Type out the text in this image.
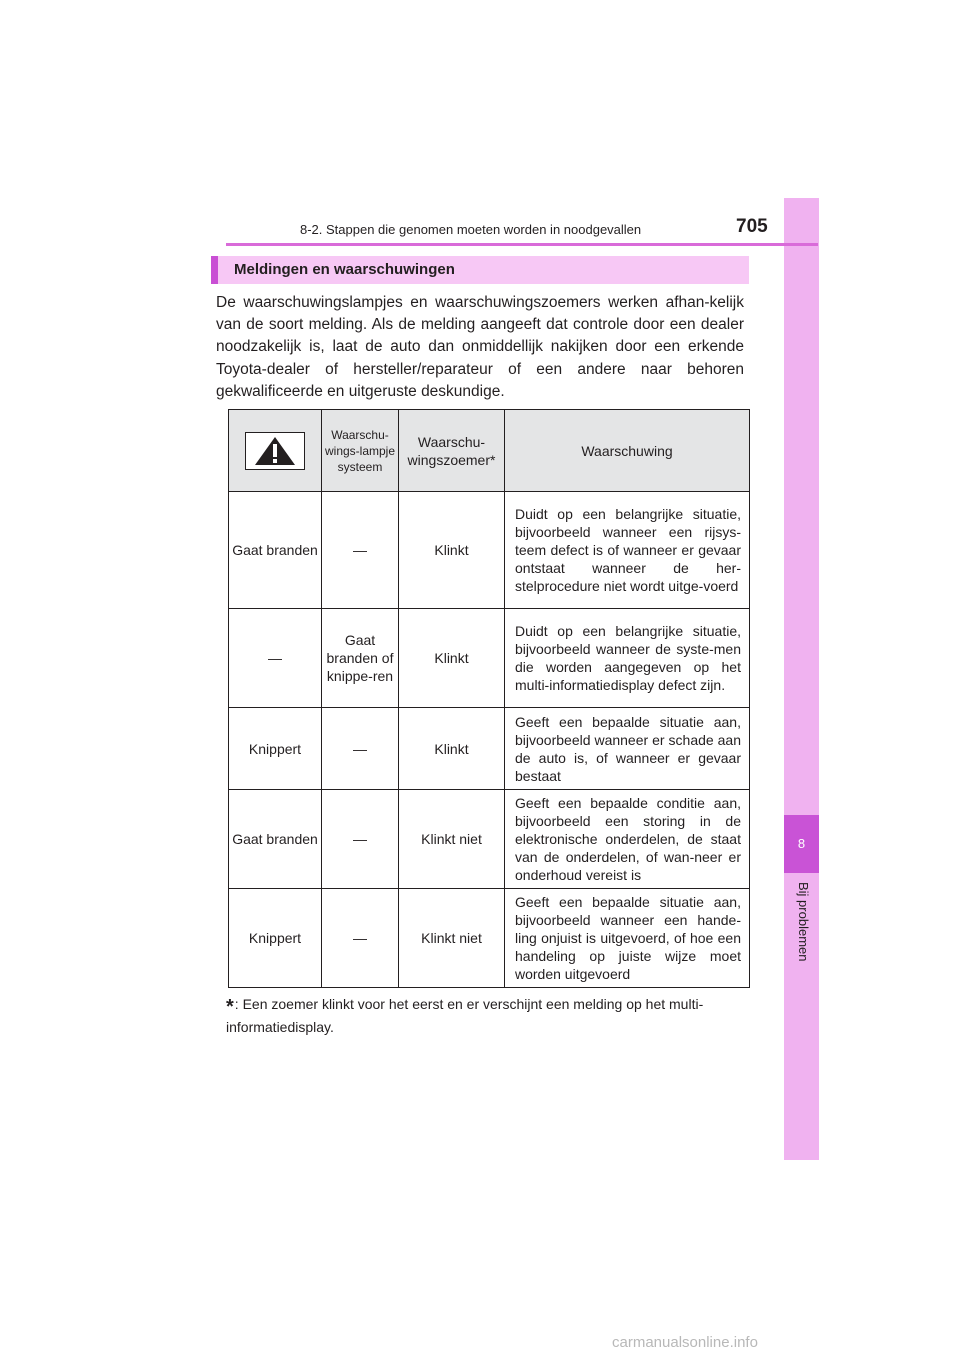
8
Bij problemen
8-2. Stappen die genomen moeten worden in noodgevallen	705
Meldingen en waarschuwingen

De waarschuwingslampjes en waarschuwingszoemers werken afhan-kelijk van de soort melding. Als de melding aangeeft dat controle door een dealer noodzakelijk is, laat de auto dan onmiddellijk nakijken door een erkende Toyota-dealer of hersteller/reparateur of een andere naar behoren gekwalificeerde en uitgeruste deskundige.

Waarschu-wings-lampje systeem	Waarschu-wingszoemer*	Waarschuwing

Gaat branden	—	Klinkt	Duidt op een belangrijke situatie, bijvoorbeeld wanneer een rijsys-teem defect is of wanneer er gevaar ontstaat wanneer de her-stelprocedure niet wordt uitge-voerd

—	Gaat branden of knippe-ren	Klinkt	Duidt op een belangrijke situatie, bijvoorbeeld wanneer de syste-men die worden aangegeven op het multi-informatiedisplay defect zijn.

Knippert	—	Klinkt	Geeft een bepaalde situatie aan, bijvoorbeeld wanneer er schade aan de auto is, of wanneer er gevaar bestaat

Gaat branden	—	Klinkt niet	Geeft een bepaalde conditie aan, bijvoorbeeld een storing in de elektronische onderdelen, de staat van de onderdelen, of wan-neer er onderhoud vereist is

Knippert	—	Klinkt niet	Geeft een bepaalde situatie aan, bijvoorbeeld wanneer een hande-ling onjuist is uitgevoerd, of hoe een handeling op juiste wijze moet worden uitgevoerd
*: Een zoemer klinkt voor het eerst en er verschijnt een melding op het multi-informatiedisplay.
carmanualsonline.info
